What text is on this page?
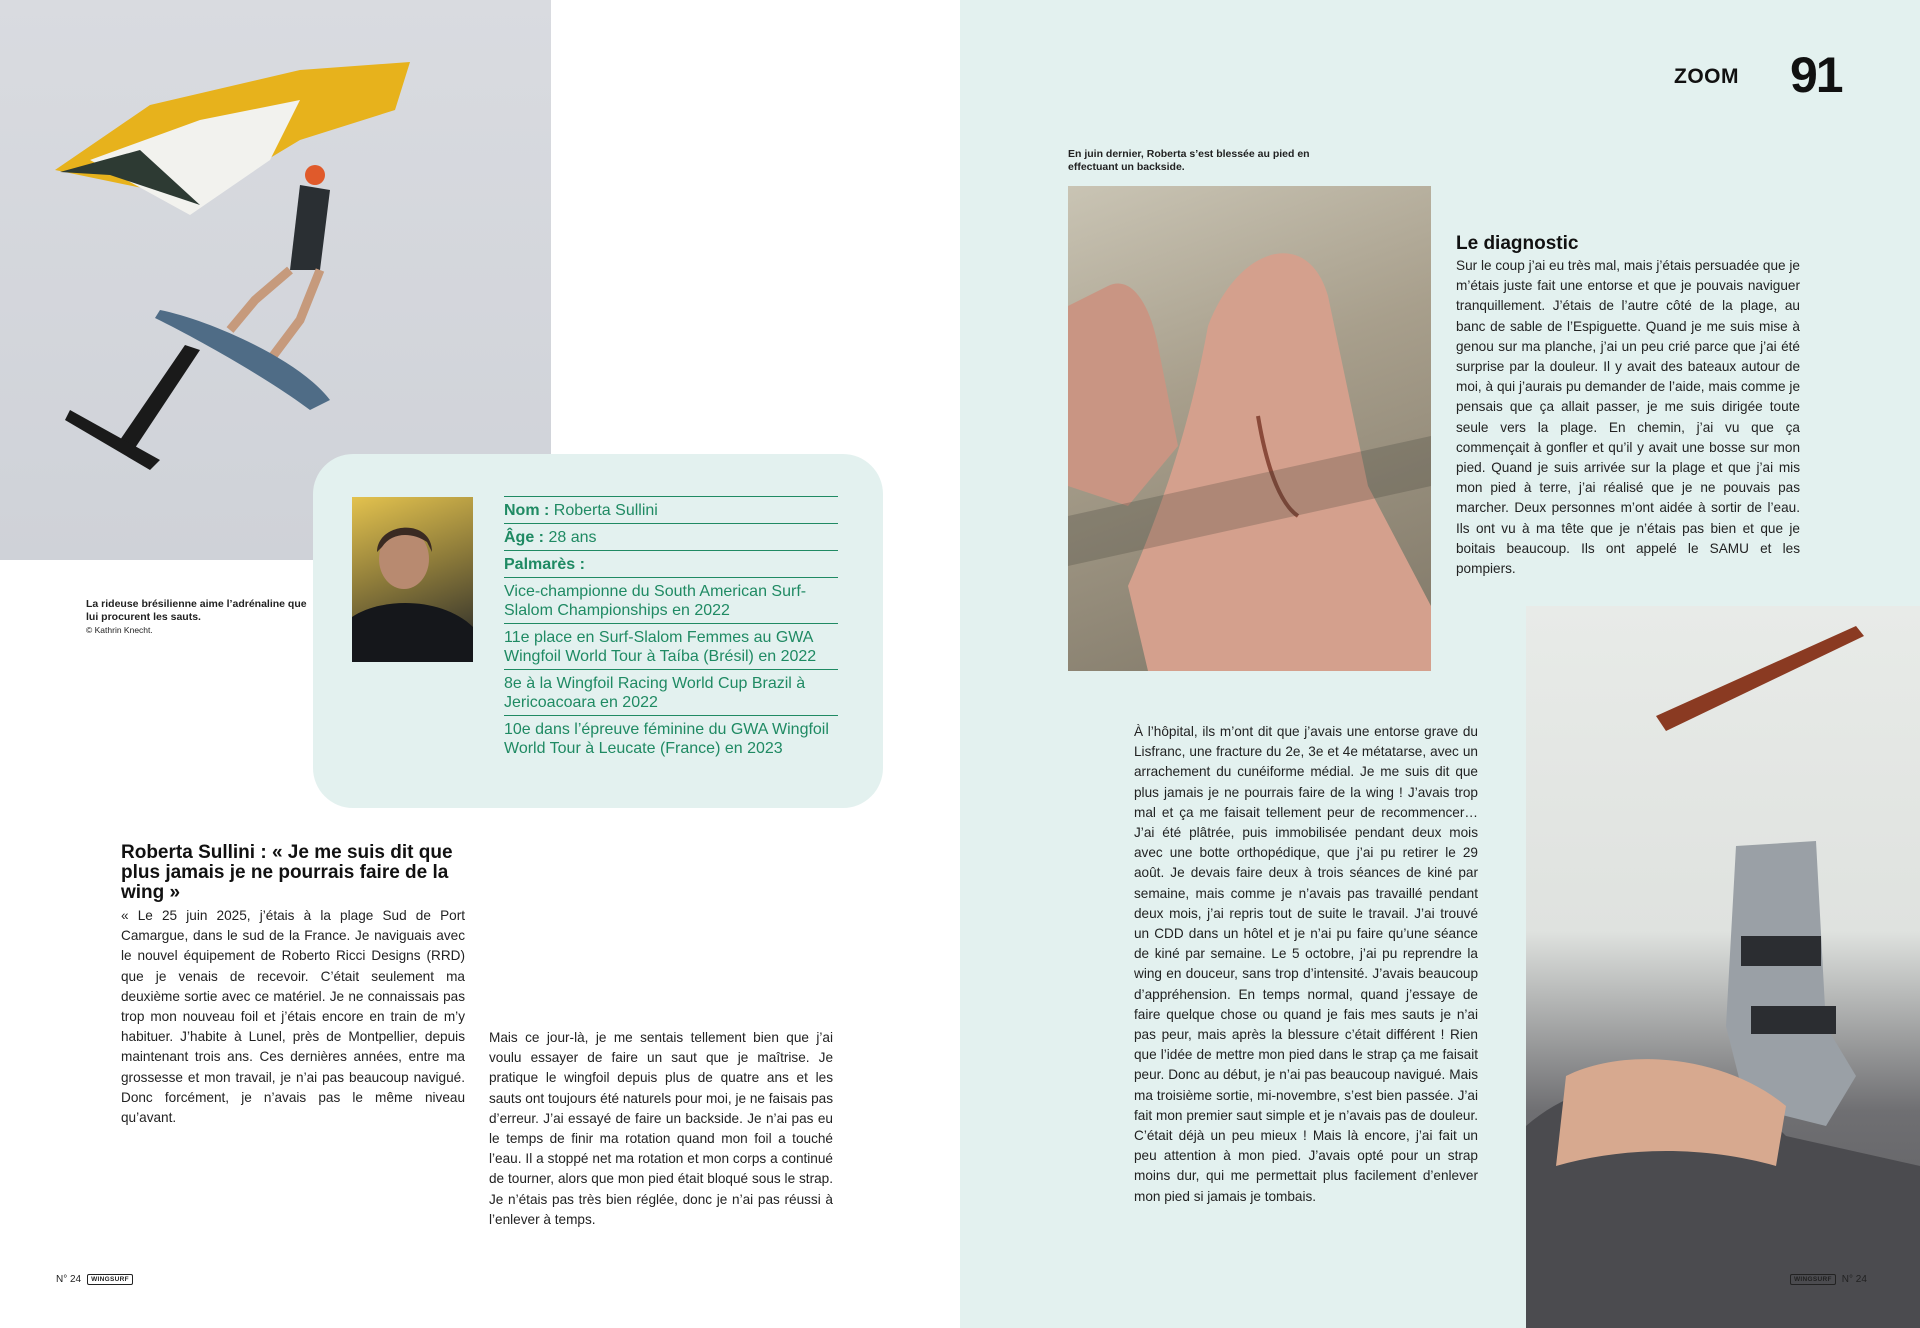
La rideuse brésilienne aime l’adrénaline que lui procurent les sauts.
© Kathrin Knecht.
Nom : Roberta Sullini
Âge : 28 ans
Palmarès :
Vice-championne du South American Surf-Slalom Championships en 2022
11e place en Surf-Slalom Femmes au GWA Wingfoil World Tour à Taíba (Brésil) en 2022
8e à la Wingfoil Racing World Cup Brazil à Jericoacoara en 2022
10e dans l’épreuve féminine du GWA Wingfoil World Tour à Leucate (France) en 2023
Roberta Sullini : « Je me suis dit que plus jamais je ne pourrais faire de la wing »

« Le 25 juin 2025, j’étais à la plage Sud de Port Camargue, dans le sud de la France. Je naviguais avec le nouvel équipement de Roberto Ricci Designs (RRD) que je venais de recevoir. C’était seulement ma deuxième sortie avec ce matériel. Je ne connaissais pas trop mon nouveau foil et j’étais encore en train de m’y habituer. J’habite à Lunel, près de Montpellier, depuis maintenant trois ans. Ces dernières années, entre ma grossesse et mon travail, je n’ai pas beaucoup navigué. Donc forcément, je n’avais pas le même niveau qu’avant.

Mais ce jour-là, je me sentais tellement bien que j’ai voulu essayer de faire un saut que je maîtrise. Je pratique le wingfoil depuis plus de quatre ans et les sauts ont toujours été naturels pour moi, je ne faisais pas d’erreur. J’ai essayé de faire un backside. Je n’ai pas eu le temps de finir ma rotation quand mon foil a touché l’eau. Il a stoppé net ma rotation et mon corps a continué de tourner, alors que mon pied était bloqué sous le strap. Je n’étais pas très bien réglée, donc je n’ai pas réussi à l’enlever à temps.

N° 24	WINGSURF
ZOOM 91
En juin dernier, Roberta s’est blessée au pied en effectuant un backside.
Le diagnostic

Sur le coup j’ai eu très mal, mais j’étais persuadée que je m’étais juste fait une entorse et que je pouvais naviguer tranquillement. J’étais de l’autre côté de la plage, au banc de sable de l’Espiguette. Quand je me suis mise à genou sur ma planche, j’ai un peu crié parce que j’ai été surprise par la douleur. Il y avait des bateaux autour de moi, à qui j’aurais pu demander de l’aide, mais comme je pensais que ça allait passer, je me suis dirigée toute seule vers la plage. En chemin, j’ai vu que ça commençait à gonfler et qu’il y avait une bosse sur mon pied. Quand je suis arrivée sur la plage et que j’ai mis mon pied à terre, j’ai réalisé que je ne pouvais pas marcher. Deux personnes m’ont aidée à sortir de l’eau. Ils ont vu à ma tête que je n’étais pas bien et que je boitais beaucoup. Ils ont appelé le SAMU et les pompiers.

À l’hôpital, ils m’ont dit que j’avais une entorse grave du Lisfranc, une fracture du 2e, 3e et 4e métatarse, avec un arrachement du cunéiforme médial. Je me suis dit que plus jamais je ne pourrais faire de la wing ! J’avais trop mal et ça me faisait tellement peur de recommencer… J’ai été plâtrée, puis immobilisée pendant deux mois avec une botte orthopédique, que j’ai pu retirer le 29 août. Je devais faire deux à trois séances de kiné par semaine, mais comme je n’avais pas travaillé pendant deux mois, j’ai repris tout de suite le travail. J’ai trouvé un CDD dans un hôtel et je n’ai pu faire qu’une séance de kiné par semaine. Le 5 octobre, j’ai pu reprendre la wing en douceur, sans trop d’intensité. J’avais beaucoup d’appréhension. En temps normal, quand j’essaye de faire quelque chose ou quand je fais mes sauts je n’ai pas peur, mais après la blessure c’était différent ! Rien que l’idée de mettre mon pied dans le strap ça me faisait peur. Donc au début, je n’ai pas beaucoup navigué. Mais ma troisième sortie, mi-novembre, s’est bien passée. J’ai fait mon premier saut simple et je n’avais pas de douleur. C’était déjà un peu mieux ! Mais là encore, j’ai fait un peu attention à mon pied. J’avais opté pour un strap moins dur, qui me permettait plus facilement d’enlever mon pied si jamais je tombais.

WINGSURF	N° 24
